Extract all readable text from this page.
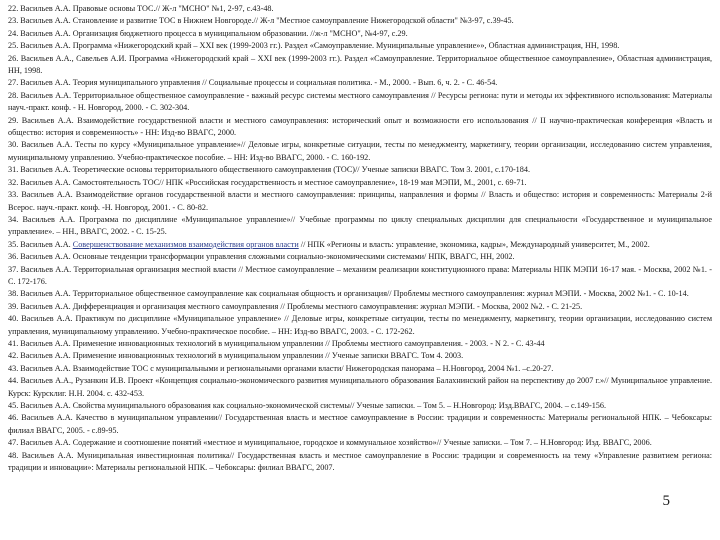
22. Васильев А.А. Правовые основы ТОС.// Ж-л "МСНО" №1, 2-97, с.43-48.

23. Васильев А.А. Становление и развитие ТОС в Нижнем Новгороде.// Ж-л "Местное самоуправление Нижегородской области" №3-97, с.39-45.

24. Васильев А.А. Организация бюджетного процесса в муниципальном образовании. //ж-л "МСНО", №4-97, с.29.

25. Васильев А.А. Программа «Нижегородский край – XXI век (1999-2003 гг.). Раздел «Самоуправление. Муниципальные управление»», Областная администрация, НН, 1998.

26. Васильев А.А., Савельев А.И. Программа «Нижегородский край – XXI век (1999-2003 гг.). Раздел «Самоуправление. Территориальное общественное самоуправление», Областная администрация, НН, 1998.

27. Васильев А.А. Теория муниципального управления // Социальные процессы и социальная политика. - М., 2000. - Вып. 6, ч. 2. - С. 46-54.

28. Васильев А.А. Территориальное общественное самоуправление - важный ресурс системы местного самоуправления // Ресурсы региона: пути и методы их эффективного использования: Материалы науч.-практ. конф. - Н. Новгород, 2000. - С. 302-304.

29. Васильев А.А. Взаимодействие государственной власти и местного самоуправления: исторический опыт и возможности его использования // II научно-практическая конференция «Власть и общество: история и современность» - НН: Изд-во ВВАГС, 2000.

30. Васильев А.А. Тесты по курсу «Муниципальное управление»// Деловые игры, конкретные ситуации, тесты по менеджменту, маркетингу, теории организации, исследованию систем управления, муниципальному управлению. Учебно-практическое пособие. – НН: Изд-во ВВАГС, 2000. - С. 160-192.

31. Васильев А.А. Теоретические основы территориального общественного самоуправления (ТОС)// Ученые записки ВВАГС. Том 3. 2001, с.170-184.

32. Васильев А.А. Самостоятельность ТОС// НПК «Российская государственность и местное самоуправление», 18-19 мая МЭПИ, М., 2001, с. 69-71.

33. Васильев А.А. Взаимодействие органов государственной власти и местного самоуправления: принципы, направления и формы // Власть и общество: история и современность: Материалы 2-й Всерос. науч.-практ. конф. -Н. Новгород, 2001. - С. 80-82.

34. Васильев А.А. Программа по дисциплине «Муниципальное управление»// Учебные программы по циклу специальных дисциплин для специальности «Государственное и муниципальное управление». – НН., ВВАГС, 2002. - С. 15-25.

35. Васильев А.А. Совершенствование механизмов взаимодействия органов власти // НПК «Регионы и власть: управление, экономика, кадры», Международный университет, М., 2002.

36. Васильев А.А. Основные тенденции трансформации управления сложными социально-экономическими системами/ НПК, ВВАГС, НН, 2002.

37. Васильев А.А. Территориальная организация местной власти // Местное самоуправление – механизм реализации конституционного права: Материалы НПК МЭПИ 16-17 мая. - Москва, 2002 №1. - С. 172-176.

38. Васильев А.А. Территориальное общественное самоуправление как социальная общность и организация// Проблемы местного самоуправления: журнал МЭПИ. - Москва, 2002 №1. - С. 10-14.

39. Васильев А.А. Дифференциация и организация местного самоуправления // Проблемы местного самоуправления: журнал МЭПИ. - Москва, 2002 №2. - С. 21-25.

40. Васильев А.А. Практикум по дисциплине «Муниципальное управление» // Деловые игры, конкретные ситуации, тесты по менеджменту, маркетингу, теории организации, исследованию систем управления, муниципальному управлению. Учебно-практическое пособие. – НН: Изд-во ВВАГС, 2003. - С. 172-262.

41. Васильев А.А. Применение инновационных технологий в муниципальном управлении // Проблемы местного самоуправления. - 2003. - N 2. - С. 43-44

42. Васильев А.А. Применение инновационных технологий в муниципальном управлении // Ученые записки ВВАГС. Том 4. 2003.

43. Васильев А.А. Взаимодействие ТОС с муниципальными и региональными органами власти/ Нижегородская панорама – Н.Новгород, 2004 №1. –с.20-27.

44. Васильев А.А., Рузанкин И.В. Проект «Концепция социально-экономического развития муниципального образования Балахнинский район на перспективу до 2007 г.»// Муниципальное управление. Курск: Курсклиг. Н.Н. 2004. с. 432-453.

45. Васильев А.А. Свойства муниципального образования как социально-экономической системы// Ученые записки. – Том 5. – Н.Новгород: Изд.ВВАГС, 2004. – с.149-156.

46. Васильев А.А. Качество в муниципальном управлении// Государственная власть и местное самоуправление в России: традиции и современность: Материалы региональной НПК. – Чебоксары: филиал ВВАГС, 2005. - с.89-95.

47. Васильев А.А. Содержание и соотношение понятий «местное и муниципальное, городское и коммунальное хозяйство»// Ученые записки. – Том 7. – Н.Новгород: Изд. ВВАГС, 2006.

48. Васильев А.А. Муниципальная инвестиционная политика// Государственная власть и местное самоуправление в России: традиции и современность на тему «Управление развитием региона: традиции и инновации»: Материалы региональной НПК. – Чебоксары: филиал ВВАГС, 2007.

5
